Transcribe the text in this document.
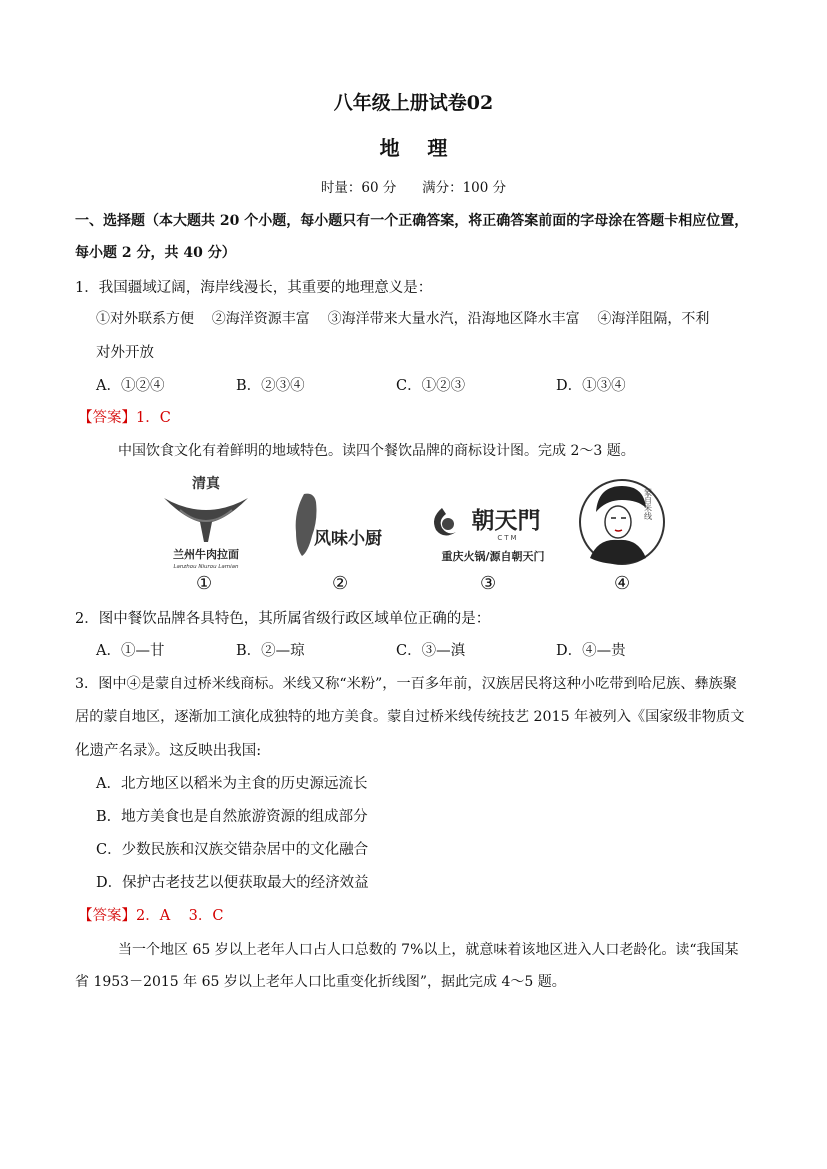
八年级上册试卷02
地    理
时量：60 分      满分：100 分
一、选择题（本大题共 20 个小题，每小题只有一个正确答案，将正确答案前面的字母涂在答题卡相应位置，
每小题 2 分，共 40 分）
1．我国疆域辽阔，海岸线漫长，其重要的地理意义是：
①对外联系方便    ②海洋资源丰富    ③海洋带来大量水汽，沿海地区降水丰富    ④海洋阻隔，不利
对外开放
A．①②④	B．②③④	C．①②③	D．①③④
【答案】1．C
中国饮食文化有着鲜明的地域特色。读四个餐饮品牌的商标设计图。完成 2～3 题。
清真
兰州牛肉拉面
Lanzhou Niurou Lamian
①
风味小厨
②
朝天門
CTM
重庆火锅/源自朝天门
③
蒙自米线
④
2．图中餐饮品牌各具特色，其所属省级行政区域单位正确的是：
A．①—甘	B．②—琼	C．③—滇	D．④—贵
3．图中④是蒙自过桥米线商标。米线又称“米粉”，一百多年前，汉族居民将这种小吃带到哈尼族、彝族聚
居的蒙自地区，逐渐加工演化成独特的地方美食。蒙自过桥米线传统技艺 2015 年被列入《国家级非物质文
化遗产名录》。这反映出我国:
A．北方地区以稻米为主食的历史源远流长
B．地方美食也是自然旅游资源的组成部分
C．少数民族和汉族交错杂居中的文化融合
D．保护古老技艺以便获取最大的经济效益
【答案】2．A    3．C
当一个地区 65 岁以上老年人口占人口总数的 7%以上，就意味着该地区进入人口老龄化。读“我国某
省 1953－2015 年 65 岁以上老年人口比重变化折线图”，据此完成 4～5 题。
